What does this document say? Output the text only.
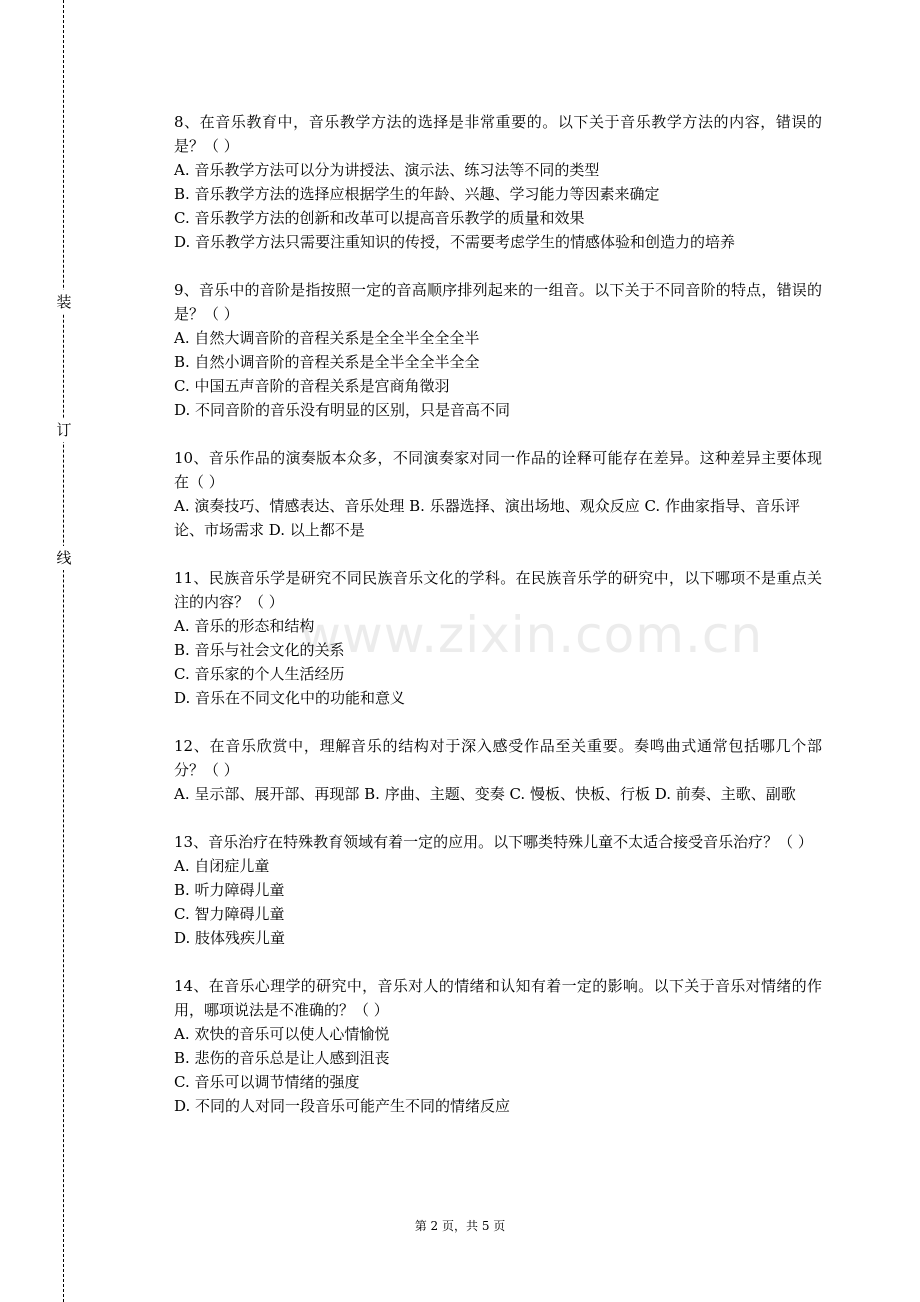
装
订
线
www.zixin.com.cn

8、在音乐教育中，音乐教学方法的选择是非常重要的。以下关于音乐教学方法的内容，错误的是？（ ）

A. 音乐教学方法可以分为讲授法、演示法、练习法等不同的类型

B. 音乐教学方法的选择应根据学生的年龄、兴趣、学习能力等因素来确定

C. 音乐教学方法的创新和改革可以提高音乐教学的质量和效果

D. 音乐教学方法只需要注重知识的传授，不需要考虑学生的情感体验和创造力的培养

9、音乐中的音阶是指按照一定的音高顺序排列起来的一组音。以下关于不同音阶的特点，错误的是？（ ）

A. 自然大调音阶的音程关系是全全半全全全半

B. 自然小调音阶的音程关系是全半全全半全全

C. 中国五声音阶的音程关系是宫商角徵羽

D. 不同音阶的音乐没有明显的区别，只是音高不同

10、音乐作品的演奏版本众多，不同演奏家对同一作品的诠释可能存在差异。这种差异主要体现在（ ）

A. 演奏技巧、情感表达、音乐处理 B. 乐器选择、演出场地、观众反应 C. 作曲家指导、音乐评论、市场需求 D. 以上都不是

11、民族音乐学是研究不同民族音乐文化的学科。在民族音乐学的研究中，以下哪项不是重点关注的内容？（ ）

A. 音乐的形态和结构

B. 音乐与社会文化的关系

C. 音乐家的个人生活经历

D. 音乐在不同文化中的功能和意义

12、在音乐欣赏中，理解音乐的结构对于深入感受作品至关重要。奏鸣曲式通常包括哪几个部分？（ ）

A. 呈示部、展开部、再现部 B. 序曲、主题、变奏 C. 慢板、快板、行板 D. 前奏、主歌、副歌

13、音乐治疗在特殊教育领域有着一定的应用。以下哪类特殊儿童不太适合接受音乐治疗？（ ）

A. 自闭症儿童

B. 听力障碍儿童

C. 智力障碍儿童

D. 肢体残疾儿童

14、在音乐心理学的研究中，音乐对人的情绪和认知有着一定的影响。以下关于音乐对情绪的作用，哪项说法是不准确的？（ ）

A. 欢快的音乐可以使人心情愉悦

B. 悲伤的音乐总是让人感到沮丧

C. 音乐可以调节情绪的强度

D. 不同的人对同一段音乐可能产生不同的情绪反应

第 2 页，共 5 页
